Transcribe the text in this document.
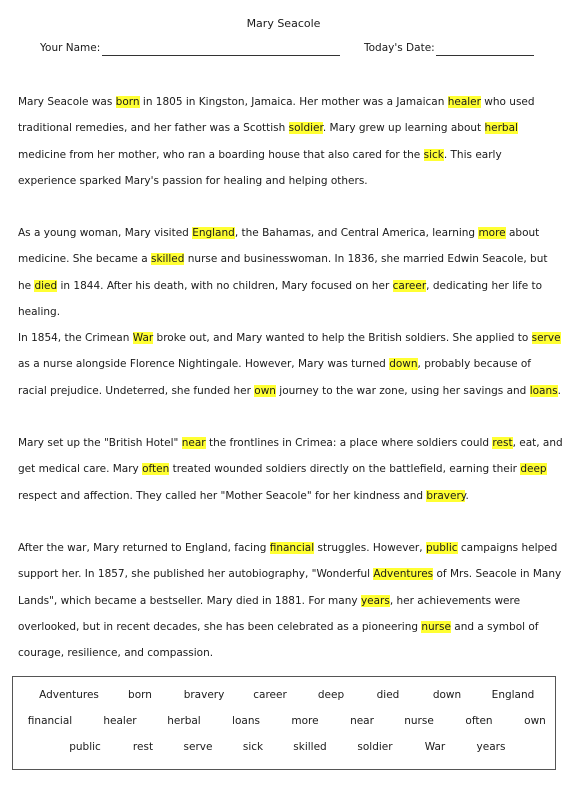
Mary Seacole
Your Name:	Today's Date:

Mary Seacole was born in 1805 in Kingston, Jamaica. Her mother was a Jamaican healer who used traditional remedies, and her father was a Scottish soldier. Mary grew up learning about herbal medicine from her mother, who ran a boarding house that also cared for the sick. This early experience sparked Mary's passion for healing and helping others.

As a young woman, Mary visited England, the Bahamas, and Central America, learning more about medicine. She became a skilled nurse and businesswoman. In 1836, she married Edwin Seacole, but he died in 1844. After his death, with no children, Mary focused on her career, dedicating her life to healing.

In 1854, the Crimean War broke out, and Mary wanted to help the British soldiers. She applied to serve as a nurse alongside Florence Nightingale. However, Mary was turned down, probably because of racial prejudice. Undeterred, she funded her own journey to the war zone, using her savings and loans.

Mary set up the "British Hotel" near the frontlines in Crimea: a place where soldiers could rest, eat, and get medical care. Mary often treated wounded soldiers directly on the battlefield, earning their deep respect and affection. They called her "Mother Seacole" for her kindness and bravery.

After the war, Mary returned to England, facing financial struggles. However, public campaigns helped support her. In 1857, she published her autobiography, "Wonderful Adventures of Mrs. Seacole in Many Lands", which became a bestseller. Mary died in 1881. For many years, her achievements were overlooked, but in recent decades, she has been celebrated as a pioneering nurse and a symbol of courage, resilience, and compassion.

Adventures	born	bravery	career	deep	died	down	England
financial	healer	herbal	loans	more	near	nurse	often	own
public	rest	serve	sick	skilled	soldier	War	years
